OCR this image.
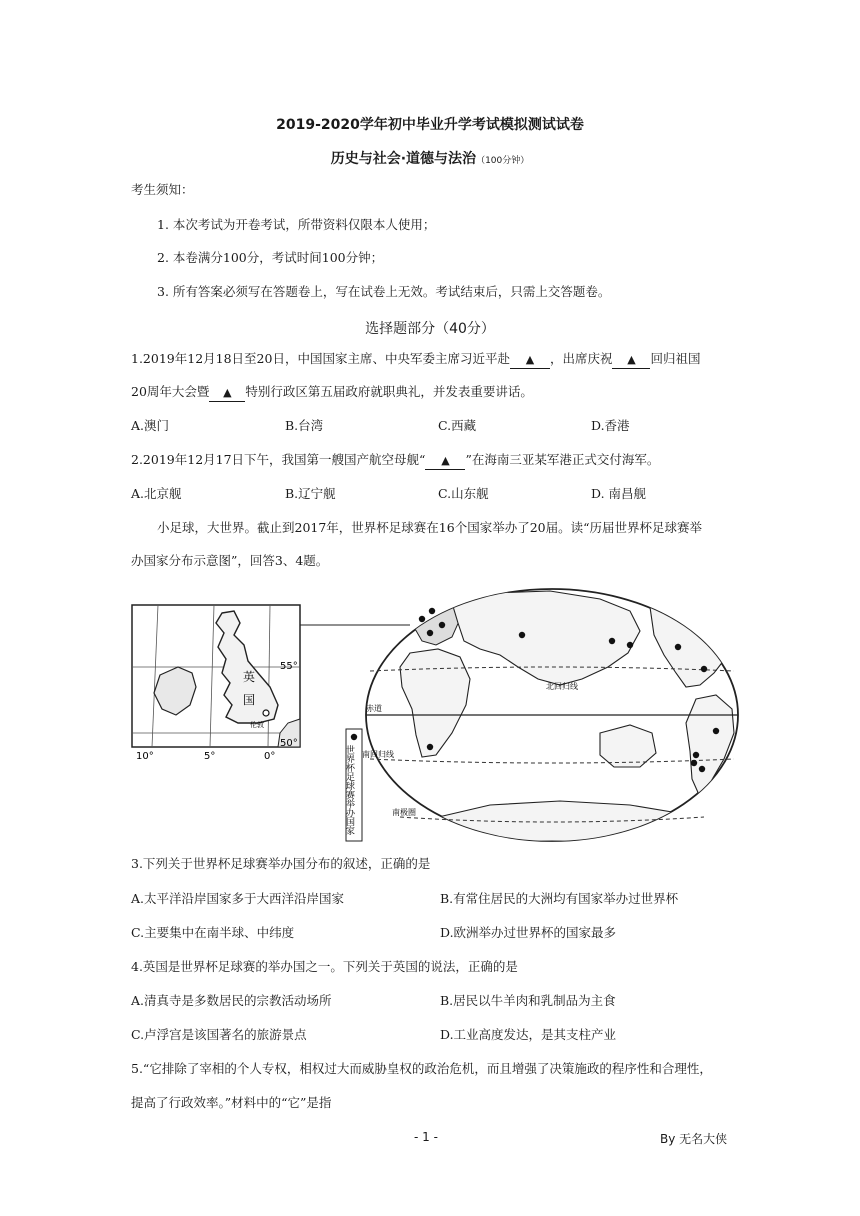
2019-2020学年初中毕业升学考试模拟测试试卷
历史与社会·道德与法治（100分钟）
考生须知：
1. 本次考试为开卷考试，所带资料仅限本人使用；
2. 本卷满分100分，考试时间100分钟；
3. 所有答案必须写在答题卷上，写在试卷上无效。考试结束后，只需上交答题卷。
选择题部分（40分）
1.2019年12月18日至20日，中国国家主席、中央军委主席习近平赴 ▲ ，出席庆祝 ▲ 回归祖国
20周年大会暨 ▲ 特别行政区第五届政府就职典礼，并发表重要讲话。
A.澳门	B.台湾	C.西藏	D.香港
2.2019年12月17日下午，我国第一艘国产航空母舰“ ▲ ”在海南三亚某军港正式交付海军。
A.北京舰	B.辽宁舰	C.山东舰	D. 南昌舰
小足球，大世界。截止到2017年，世界杯足球赛在16个国家举办了20届。读“历届世界杯足球赛举
办国家分布示意图”，回答3、4题。
英
国
伦敦
55°
50°
10°	5°	0°
北回归线
赤道
南回归线
南极圈
世界杯足球赛举办国家
3.下列关于世界杯足球赛举办国分布的叙述，正确的是
A.太平洋沿岸国家多于大西洋沿岸国家	B.有常住居民的大洲均有国家举办过世界杯
C.主要集中在南半球、中纬度	D.欧洲举办过世界杯的国家最多
4.英国是世界杯足球赛的举办国之一。下列关于英国的说法，正确的是
A.清真寺是多数居民的宗教活动场所	B.居民以牛羊肉和乳制品为主食
C.卢浮宫是该国著名的旅游景点	D.工业高度发达，是其支柱产业
5.“它排除了宰相的个人专权，相权过大而威胁皇权的政治危机，而且增强了决策施政的程序性和合理性，
提高了行政效率。”材料中的“它”是指
- 1 -	By 无名大侠
